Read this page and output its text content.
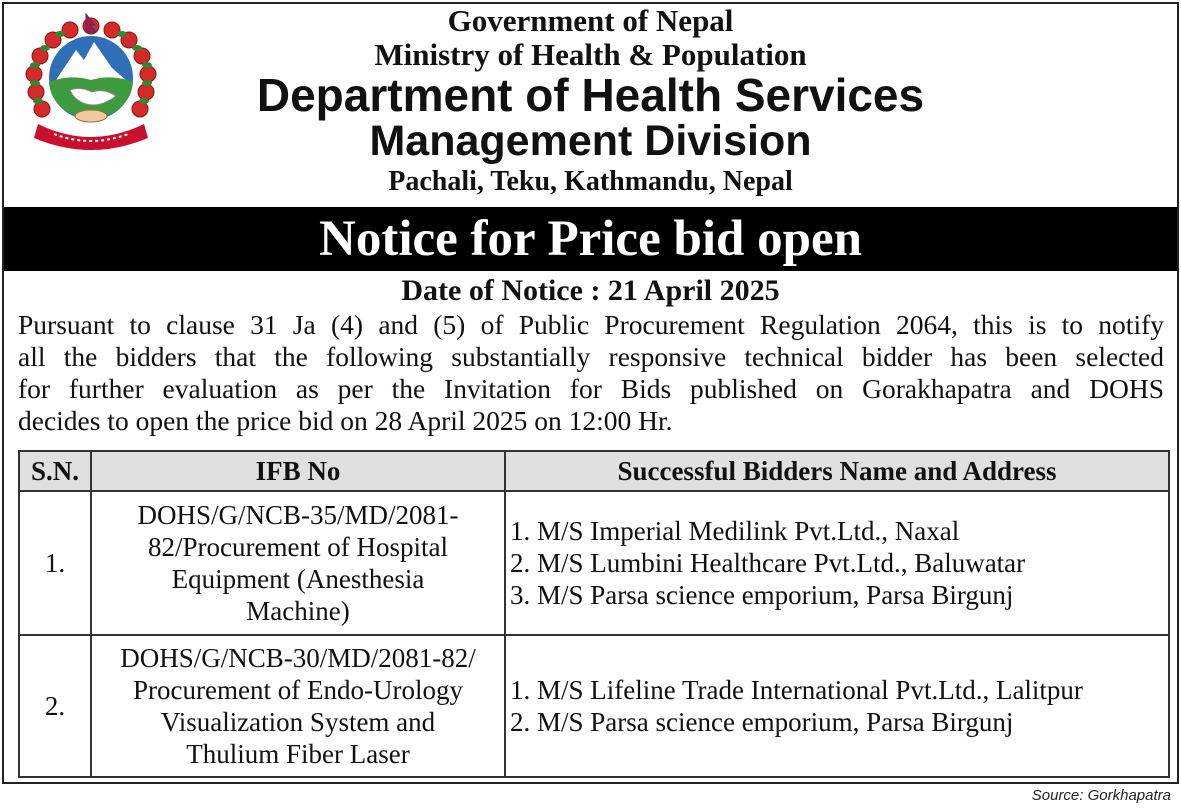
Government of Nepal
Ministry of Health & Population
Department of Health Services
Management Division
Pachali, Teku, Kathmandu, Nepal
Notice for Price bid open
Date of Notice : 21 April 2025
Pursuant to clause 31 Ja (4) and (5) of Public Procurement Regulation 2064, this is to notify
all the bidders that the following substantially responsive technical bidder has been selected
for further evaluation as per the Invitation for Bids published on Gorakhapatra and DOHS
decides to open the price bid on 28 April 2025 on 12:00 Hr.
S.N.	IFB No	Successful Bidders Name and Address
1.	DOHS/G/NCB-35/MD/2081-
82/Procurement of Hospital
Equipment (Anesthesia
Machine)	1. M/S Imperial Medilink Pvt.Ltd., Naxal
2. M/S Lumbini Healthcare Pvt.Ltd., Baluwatar
3. M/S Parsa science emporium, Parsa Birgunj

2.	DOHS/G/NCB-30/MD/2081-82/
Procurement of Endo-Urology
Visualization System and
Thulium Fiber Laser	1. M/S Lifeline Trade International Pvt.Ltd., Lalitpur
2. M/S Parsa science emporium, Parsa Birgunj
Source: Gorkhapatra
